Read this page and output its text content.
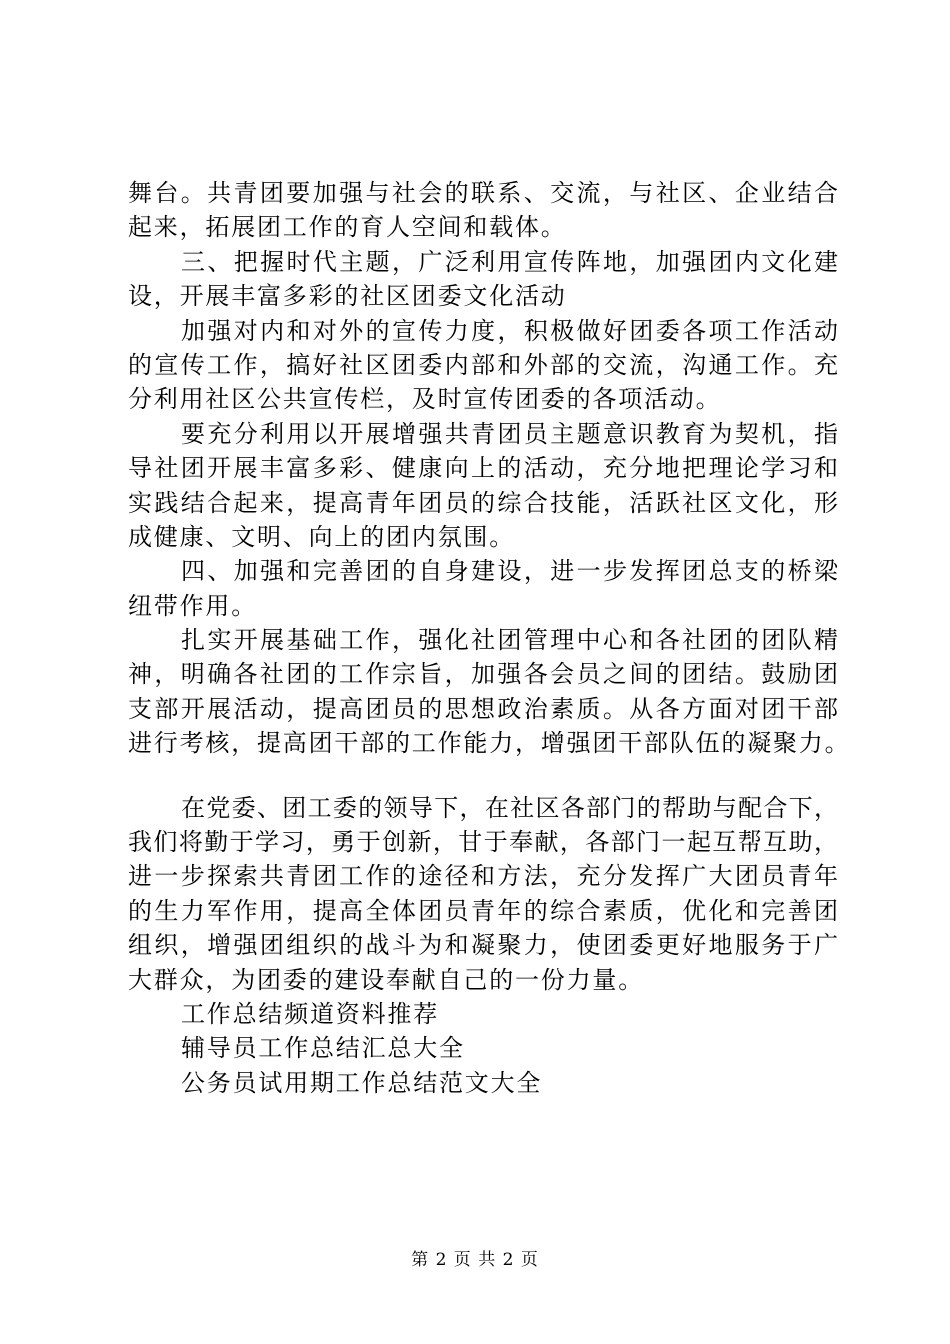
舞台。共青团要加强与社会的联系、交流，与社区、企业结合
起来，拓展团工作的育人空间和载体。
三、把握时代主题，广泛利用宣传阵地，加强团内文化建
设，开展丰富多彩的社区团委文化活动
加强对内和对外的宣传力度，积极做好团委各项工作活动
的宣传工作，搞好社区团委内部和外部的交流，沟通工作。充
分利用社区公共宣传栏，及时宣传团委的各项活动。
要充分利用以开展增强共青团员主题意识教育为契机，指
导社团开展丰富多彩、健康向上的活动，充分地把理论学习和
实践结合起来，提高青年团员的综合技能，活跃社区文化，形
成健康、文明、向上的团内氛围。
四、加强和完善团的自身建设，进一步发挥团总支的桥梁
纽带作用。
扎实开展基础工作，强化社团管理中心和各社团的团队精
神，明确各社团的工作宗旨，加强各会员之间的团结。鼓励团
支部开展活动，提高团员的思想政治素质。从各方面对团干部
进行考核，提高团干部的工作能力，增强团干部队伍的凝聚力。
在党委、团工委的领导下，在社区各部门的帮助与配合下，
我们将勤于学习，勇于创新，甘于奉献，各部门一起互帮互助，
进一步探索共青团工作的途径和方法，充分发挥广大团员青年
的生力军作用，提高全体团员青年的综合素质，优化和完善团
组织，增强团组织的战斗为和凝聚力，使团委更好地服务于广
大群众，为团委的建设奉献自己的一份力量。
工作总结频道资料推荐
辅导员工作总结汇总大全
公务员试用期工作总结范文大全
第 2 页 共 2 页
